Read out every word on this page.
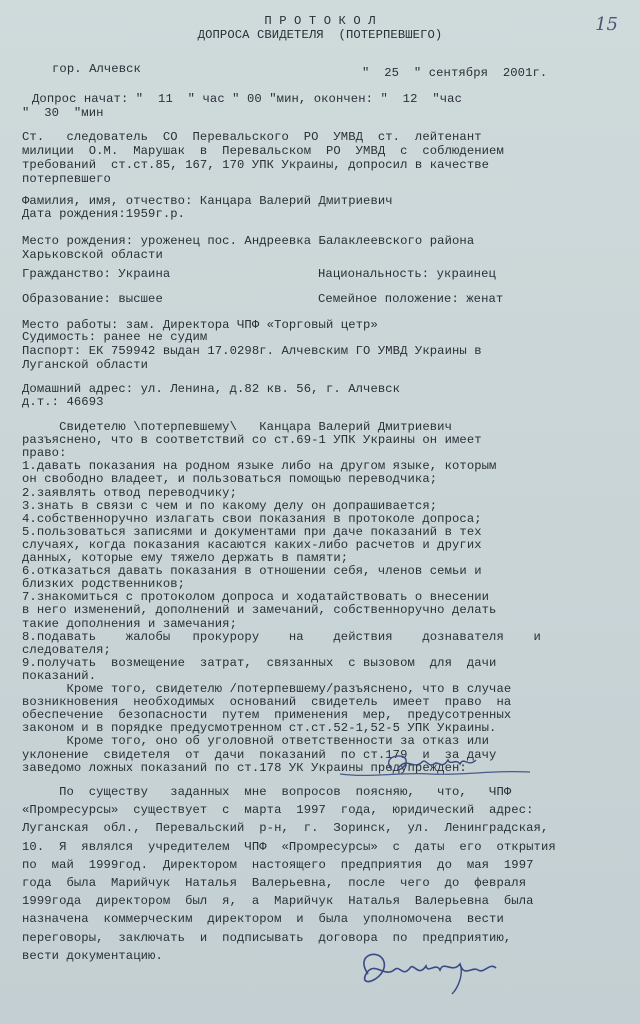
15
П Р О Т О К О Л
ДОПРОСА СВИДЕТЕЛЯ  (ПОТЕРПЕВШЕГО)
гор. Алчевск	"  25  " сентября  2001г.
Допрос начат: "  11  " час " 00 "мин, окончен: "  12  "час
"  30  "мин
Ст.   следователь  СО  Перевальского  РО  УМВД  ст.  лейтенант
милиции  О.М.  Марушак  в  Перевальском  РО  УМВД  с  соблюдением
требований  ст.ст.85, 167, 170 УПК Украины, допросил в качестве
потерпевшего
Фамилия, имя, отчество: Канцара Валерий Дмитриевич
Дата рождения:1959г.р.
Место рождения: уроженец пос. Андреевка Балаклеевского района
Харьковской области
Гражданство: Украина	Национальность: украинец
Образование: высшее	Семейное положение: женат
Место работы: зам. Директора ЧПФ «Торговый цетр»
Судимость: ранее не судим
Паспорт: ЕК 759942 выдан 17.0298г. Алчевским ГО УМВД Украины в
Луганской области
Домашний адрес: ул. Ленина, д.82 кв. 56, г. Алчевск
д.т.: 46693
Свидетелю \потерпевшему\   Канцара Валерий Дмитриевич
разъяснено, что в соответствий со ст.69-1 УПК Украины он имеет
право:
1.давать показания на родном языке либо на другом языке, которым
он свободно владеет, и пользоваться помощью переводчика;
2.заявлять отвод переводчику;
3.знать в связи с чем и по какому делу он допрашивается;
4.собственноручно излагать свои показания в протоколе допроса;
5.пользоваться записями и документами при даче показаний в тех
случаях, когда показания касаются каких-либо расчетов и других
данных, которые ему тяжело держать в памяти;
6.отказаться давать показания в отношении себя, членов семьи и
близких родственников;
7.знакомиться с протоколом допроса и ходатайствовать о внесении
в него изменений, дополнений и замечаний, собственноручно делать
такие дополнения и замечания;
8.подавать    жалобы   прокурору    на    действия    дознавателя    и
следователя;
9.получать  возмещение  затрат,  связанных  с вызовом  для  дачи
показаний.
Кроме того, свидетелю /потерпевшему/разъяснено, что в случае
возникновения  необходимых  оснований  свидетель  имеет  право  на
обеспечение  безопасности  путем  применения  мер,  предусотренных
законом и в порядке предусмотренном ст.ст.52-1,52-5 УПК Украины.
Кроме того, оно об уголовной ответственности за отказ или
уклонение  свидетеля  от  дачи  показаний  по ст.179  и  за дачу
заведомо ложных показаний по ст.178 УК Украины предупрежден:
По  существу   заданных  мне  вопросов  поясняю,   что,   ЧПФ
«Промресурсы»  существует  с  марта  1997  года,  юридический  адрес:
Луганская  обл.,  Перевальский  р-н,  г.  Зоринск,  ул.  Ленинградская,
10.  Я  являлся  учредителем  ЧПФ  «Промресурсы»  с  даты  его  открытия
по  май  1999год.  Директором  настоящего  предприятия  до  мая  1997
года  была  Марийчук  Наталья  Валерьевна,  после  чего  до  февраля
1999года  директором  был  я,  а  Марийчук  Наталья  Валерьевна  была
назначена  коммерческим  директором  и  была  уполномочена  вести
переговоры,  заключать  и  подписывать  договора  по  предприятию,
вести документацию.
